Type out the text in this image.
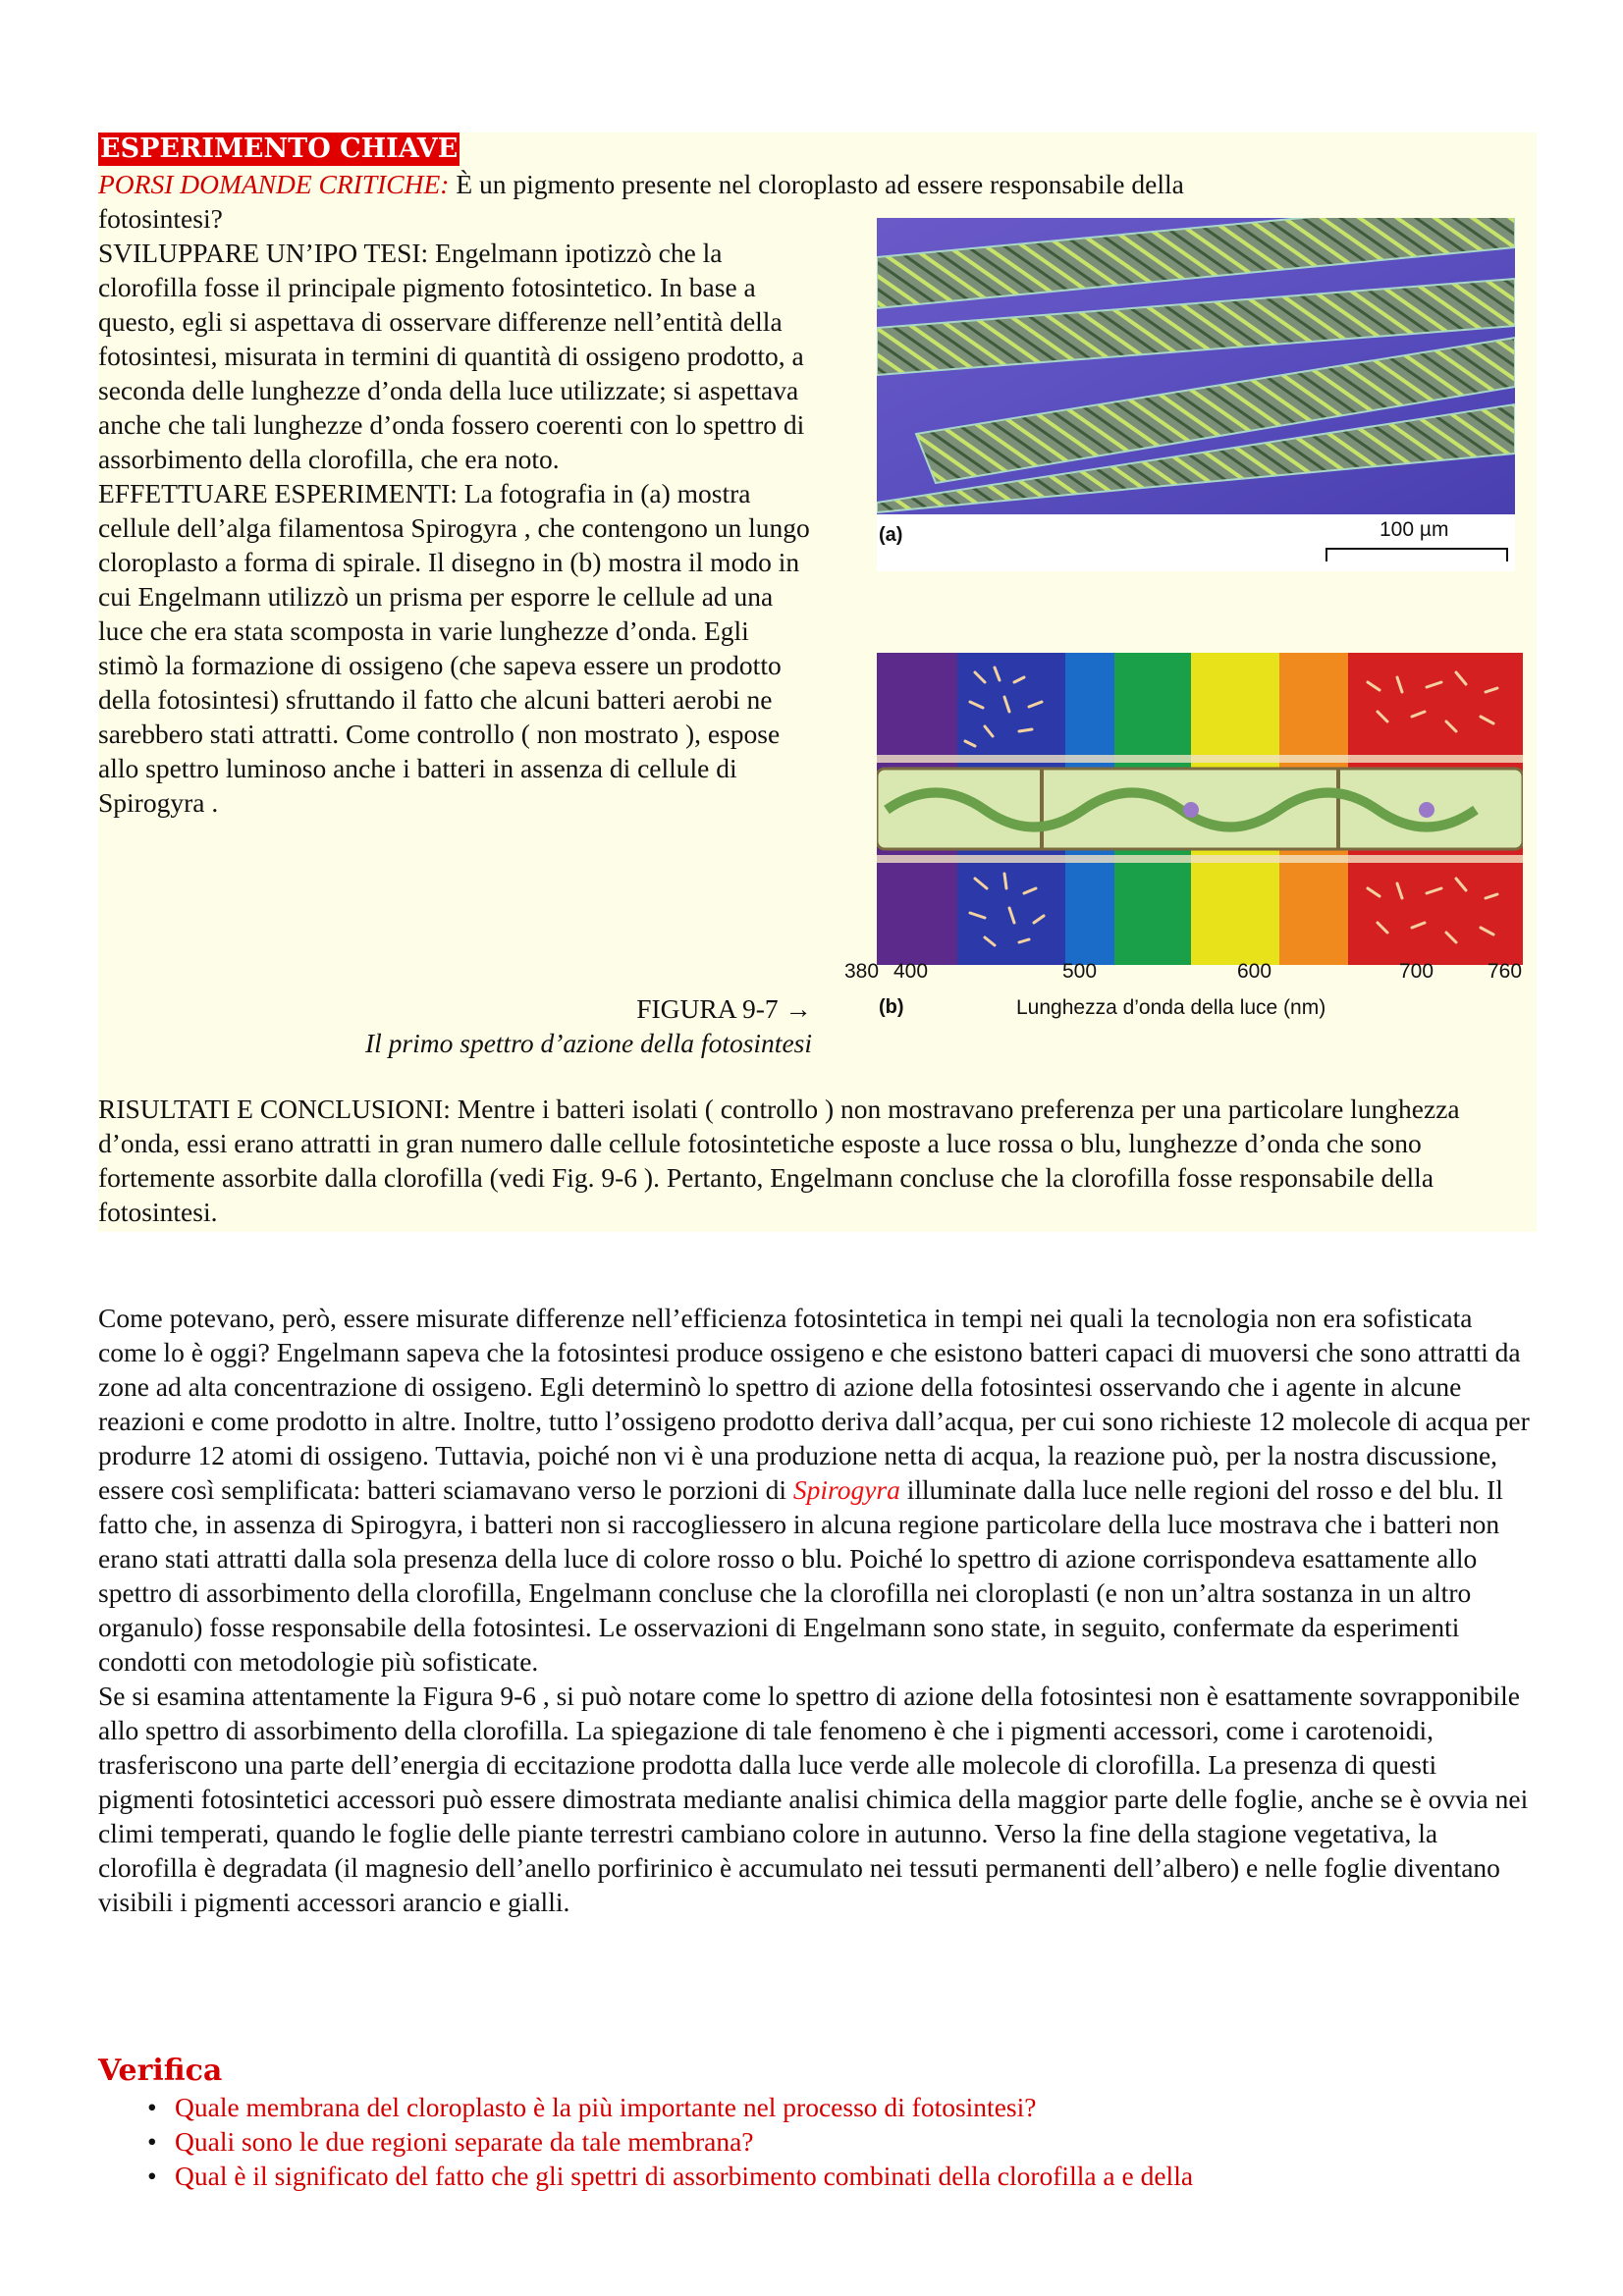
ESPERIMENTO CHIAVE
PORSI DOMANDE CRITICHE: È un pigmento presente nel cloroplasto ad essere responsabile della
fotosintesi?
SVILUPPARE UN’IPO TESI: Engelmann ipotizzò che la clorofilla fosse il principale pigmento fotosintetico. In base a questo, egli si aspettava di osservare differenze nell’entità della fotosintesi, misurata in termini di quantità di ossigeno prodotto, a seconda delle lunghezze d’onda della luce utilizzate; si aspettava anche che tali lunghezze d’onda fossero coerenti con lo spettro di assorbimento della clorofilla, che era noto.
EFFETTUARE ESPERIMENTI: La fotografia in (a) mostra cellule dell’alga filamentosa Spirogyra , che contengono un lungo cloroplasto a forma di spirale. Il disegno in (b) mostra il modo in cui Engelmann utilizzò un prisma per esporre le cellule ad una luce che era stata scomposta in varie lunghezze d’onda. Egli stimò la formazione di ossigeno (che sapeva essere un prodotto della fotosintesi) sfruttando il fatto che alcuni batteri aerobi ne sarebbero stati attratti. Come controllo ( non mostrato ), espose allo spettro luminoso anche i batteri in assenza di cellule di Spirogyra .
FIGURA 9-7 →
Il primo spettro d’azione della fotosintesi
RISULTATI E CONCLUSIONI: Mentre i batteri isolati ( controllo ) non mostravano preferenza per una particolare lunghezza d’onda, essi erano attratti in gran numero dalle cellule fotosintetiche esposte a luce rossa o blu, lunghezze d’onda che sono fortemente assorbite dalla clorofilla (vedi Fig. 9-6 ). Pertanto, Engelmann concluse che la clorofilla fosse responsabile della fotosintesi.
(a)	100 µm
380 400	500	600	700	760
(b)	Lunghezza d’onda della luce (nm)
Come potevano, però, essere misurate differenze nell’efficienza fotosintetica in tempi nei quali la tecnologia non era sofisticata come lo è oggi? Engelmann sapeva che la fotosintesi produce ossigeno e che esistono batteri capaci di muoversi che sono attratti da zone ad alta concentrazione di ossigeno. Egli determinò lo spettro di azione della fotosintesi osservando che i agente in alcune reazioni e come prodotto in altre. Inoltre, tutto l’ossigeno prodotto deriva dall’acqua, per cui sono richieste 12 molecole di acqua per produrre 12 atomi di ossigeno. Tuttavia, poiché non vi è una produzione netta di acqua, la reazione può, per la nostra discussione, essere così semplificata: batteri sciamavano verso le porzioni di Spirogyra illuminate dalla luce nelle regioni del rosso e del blu. Il fatto che, in assenza di Spirogyra, i batteri non si raccogliessero in alcuna regione particolare della luce mostrava che i batteri non erano stati attratti dalla sola presenza della luce di colore rosso o blu. Poiché lo spettro di azione corrispondeva esattamente allo spettro di assorbimento della clorofilla, Engelmann concluse che la clorofilla nei cloroplasti (e non un’altra sostanza in un altro organulo) fosse responsabile della fotosintesi. Le osservazioni di Engelmann sono state, in seguito, confermate da esperimenti condotti con metodologie più sofisticate.
Se si esamina attentamente la Figura 9-6 , si può notare come lo spettro di azione della fotosintesi non è esattamente sovrapponibile allo spettro di assorbimento della clorofilla. La spiegazione di tale fenomeno è che i pigmenti accessori, come i carotenoidi, trasferiscono una parte dell’energia di eccitazione prodotta dalla luce verde alle molecole di clorofilla. La presenza di questi pigmenti fotosintetici accessori può essere dimostrata mediante analisi chimica della maggior parte delle foglie, anche se è ovvia nei climi temperati, quando le foglie delle piante terrestri cambiano colore in autunno. Verso la fine della stagione vegetativa, la clorofilla è degradata (il magnesio dell’anello porfirinico è accumulato nei tessuti permanenti dell’albero) e nelle foglie diventano visibili i pigmenti accessori arancio e gialli.
Verifica
• Quale membrana del cloroplasto è la più importante nel processo di fotosintesi?
• Quali sono le due regioni separate da tale membrana?
• Qual è il significato del fatto che gli spettri di assorbimento combinati della clorofilla a e della
